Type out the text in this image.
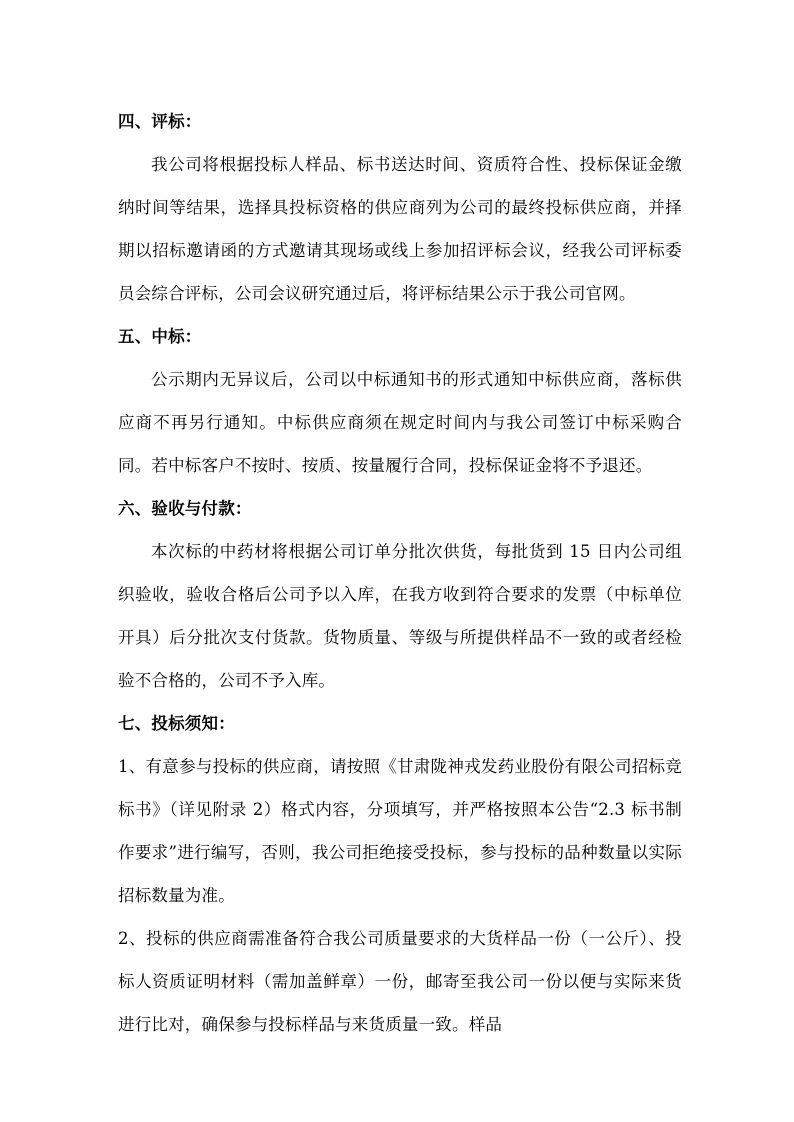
四、评标：

我公司将根据投标人样品、标书送达时间、资质符合性、投标保证金缴纳时间等结果，选择具投标资格的供应商列为公司的最终投标供应商，并择期以招标邀请函的方式邀请其现场或线上参加招评标会议，经我公司评标委员会综合评标，公司会议研究通过后，将评标结果公示于我公司官网。

五、中标：

公示期内无异议后，公司以中标通知书的形式通知中标供应商，落标供应商不再另行通知。中标供应商须在规定时间内与我公司签订中标采购合同。若中标客户不按时、按质、按量履行合同，投标保证金将不予退还。

六、验收与付款：

本次标的中药材将根据公司订单分批次供货，每批货到 15 日内公司组织验收，验收合格后公司予以入库，在我方收到符合要求的发票（中标单位开具）后分批次支付货款。货物质量、等级与所提供样品不一致的或者经检验不合格的，公司不予入库。

七、投标须知：

1、有意参与投标的供应商，请按照《甘肃陇神戎发药业股份有限公司招标竞标书》（详见附录 2）格式内容，分项填写，并严格按照本公告“2.3 标书制作要求”进行编写，否则，我公司拒绝接受投标，参与投标的品种数量以实际招标数量为准。

2、投标的供应商需准备符合我公司质量要求的大货样品一份（一公斤）、投标人资质证明材料（需加盖鲜章）一份，邮寄至我公司一份以便与实际来货进行比对，确保参与投标样品与来货质量一致。样品
